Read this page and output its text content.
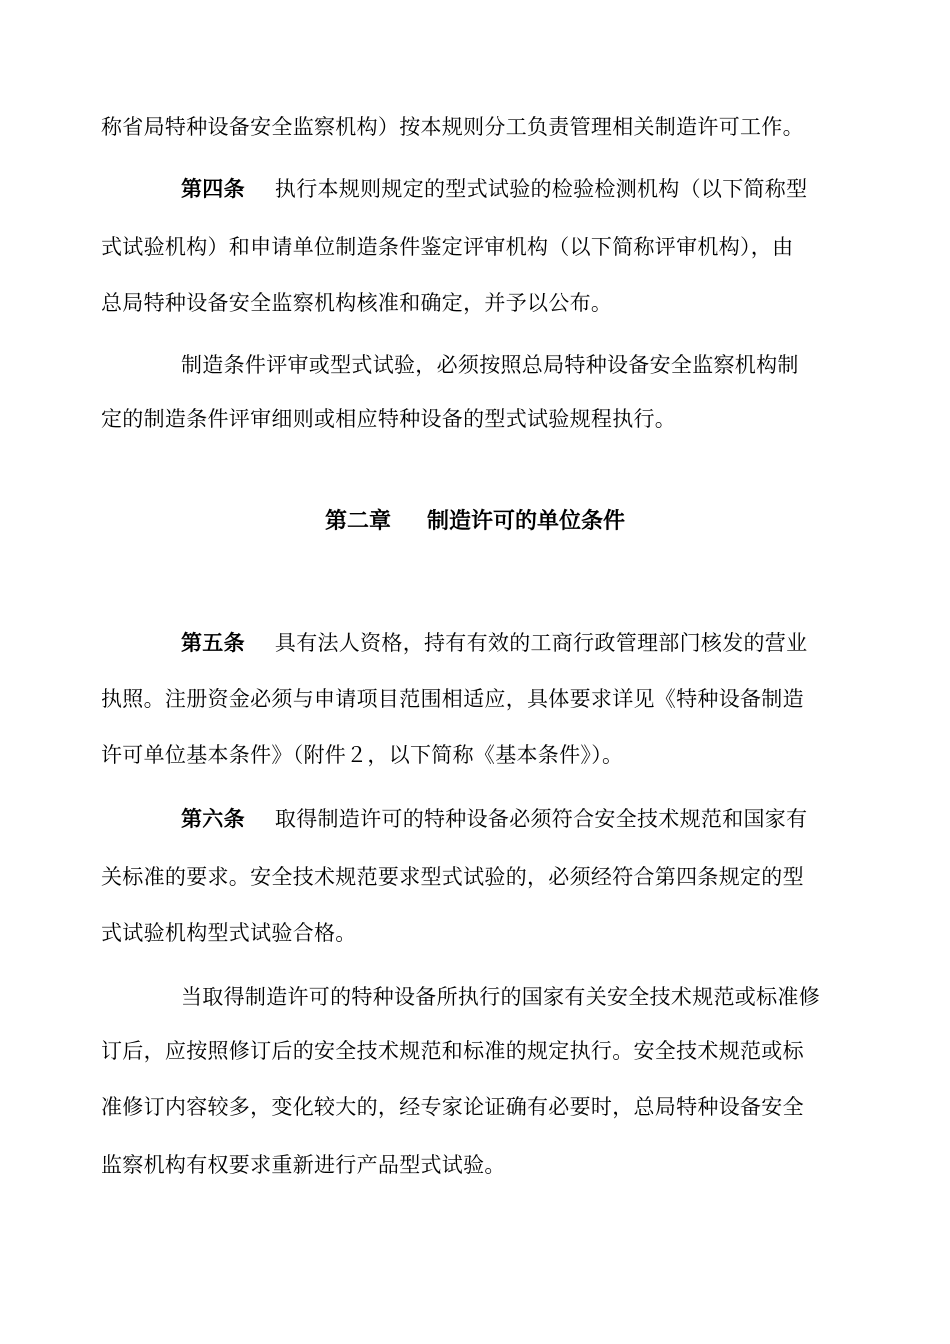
称省局特种设备安全监察机构）按本规则分工负责管理相关制造许可工作。
第四条 执行本规则规定的型式试验的检验检测机构（以下简称型
式试验机构）和申请单位制造条件鉴定评审机构（以下简称评审机构），由
总局特种设备安全监察机构核准和确定，并予以公布。
制造条件评审或型式试验，必须按照总局特种设备安全监察机构制
定的制造条件评审细则或相应特种设备的型式试验规程执行。
第二章 制造许可的单位条件
第五条 具有法人资格，持有有效的工商行政管理部门核发的营业
执照。注册资金必须与申请项目范围相适应，具体要求详见《特种设备制造
许可单位基本条件》（附件２，以下简称《基本条件》）。
第六条 取得制造许可的特种设备必须符合安全技术规范和国家有
关标准的要求。安全技术规范要求型式试验的，必须经符合第四条规定的型
式试验机构型式试验合格。
当取得制造许可的特种设备所执行的国家有关安全技术规范或标准修
订后，应按照修订后的安全技术规范和标准的规定执行。安全技术规范或标
准修订内容较多，变化较大的，经专家论证确有必要时，总局特种设备安全
监察机构有权要求重新进行产品型式试验。
